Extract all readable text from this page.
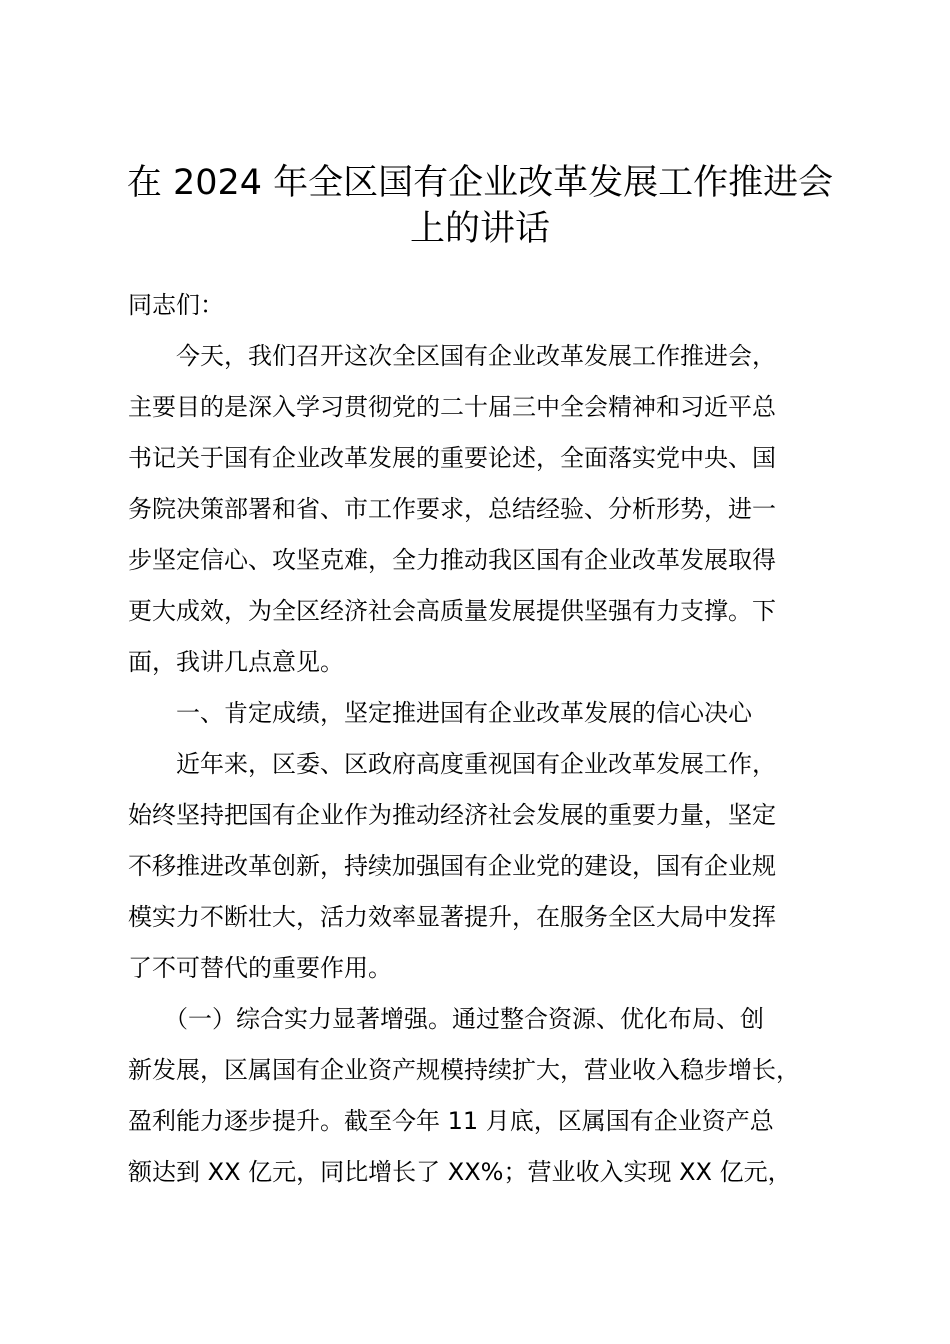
在 2024 年全区国有企业改革发展工作推进会
上的讲话
同志们：
　　今天，我们召开这次全区国有企业改革发展工作推进会，
主要目的是深入学习贯彻党的二十届三中全会精神和习近平总
书记关于国有企业改革发展的重要论述，全面落实党中央、国
务院决策部署和省、市工作要求，总结经验、分析形势，进一
步坚定信心、攻坚克难，全力推动我区国有企业改革发展取得
更大成效，为全区经济社会高质量发展提供坚强有力支撑。下
面，我讲几点意见。
　　一、肯定成绩，坚定推进国有企业改革发展的信心决心
　　近年来，区委、区政府高度重视国有企业改革发展工作，
始终坚持把国有企业作为推动经济社会发展的重要力量，坚定
不移推进改革创新，持续加强国有企业党的建设，国有企业规
模实力不断壮大，活力效率显著提升，在服务全区大局中发挥
了不可替代的重要作用。
　　（一）综合实力显著增强。通过整合资源、优化布局、创
新发展，区属国有企业资产规模持续扩大，营业收入稳步增长，
盈利能力逐步提升。截至今年 11 月底，区属国有企业资产总
额达到 XX 亿元，同比增长了 XX%；营业收入实现 XX 亿元，
